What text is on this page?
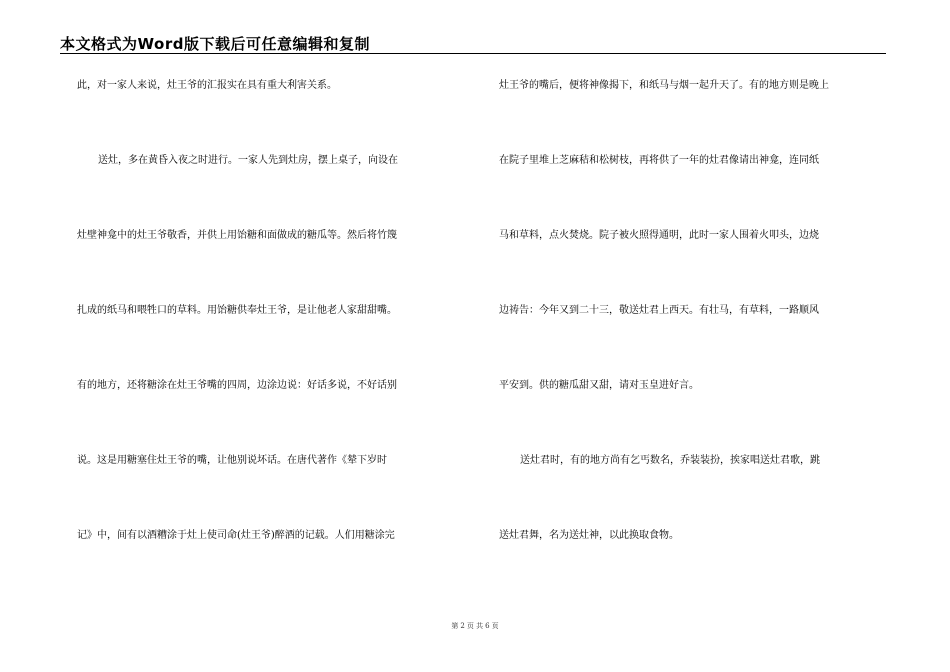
本文格式为Word版下载后可任意编辑和复制
此，对一家人来说，灶王爷的汇报实在具有重大利害关系。
送灶，多在黄昏入夜之时进行。一家人先到灶房，摆上桌子，向设在
灶壁神龛中的灶王爷敬香，并供上用饴糖和面做成的糖瓜等。然后将竹篾
扎成的纸马和喂牲口的草料。用饴糖供奉灶王爷，是让他老人家甜甜嘴。
有的地方，还将糖涂在灶王爷嘴的四周，边涂边说：好话多说，不好话别
说。这是用糖塞住灶王爷的嘴，让他别说坏话。在唐代著作《辇下岁时
记》中，间有以酒糟涂于灶上使司命(灶王爷)醉酒的记载。人们用糖涂完
灶王爷的嘴后，便将神像揭下，和纸马与烟一起升天了。有的地方则是晚上
在院子里堆上芝麻秸和松树枝，再将供了一年的灶君像请出神龛，连同纸
马和草料，点火焚烧。院子被火照得通明，此时一家人围着火叩头，边烧
边祷告：今年又到二十三，敬送灶君上西天。有壮马，有草料，一路顺风
平安到。供的糖瓜甜又甜，请对玉皇进好言。
送灶君时，有的地方尚有乞丐数名，乔装装扮，挨家唱送灶君歌，跳
送灶君舞，名为送灶神，以此换取食物。
第 2 页 共 6 页
